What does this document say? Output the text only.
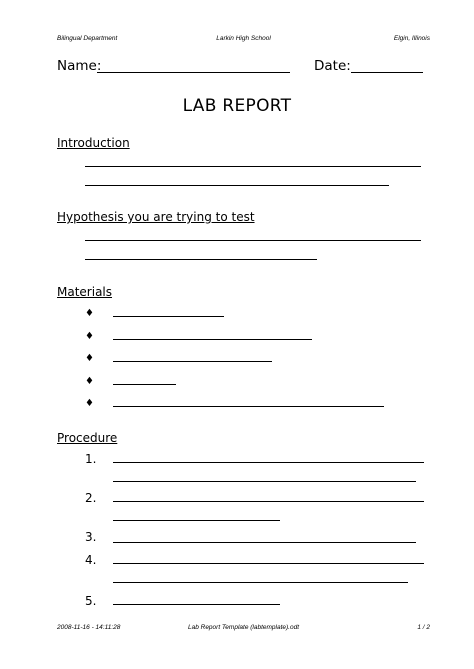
Bilingual Department	Larkin High School	Elgin, Illinois
Name:	Date:
LAB REPORT
Introduction
Hypothesis you are trying to test
Materials
♦
♦
♦
♦
♦
Procedure
1.
2.
3.
4.
5.
2008-11-16 - 14:11:28	Lab Report Template (labtemplate).odt	1 / 2
